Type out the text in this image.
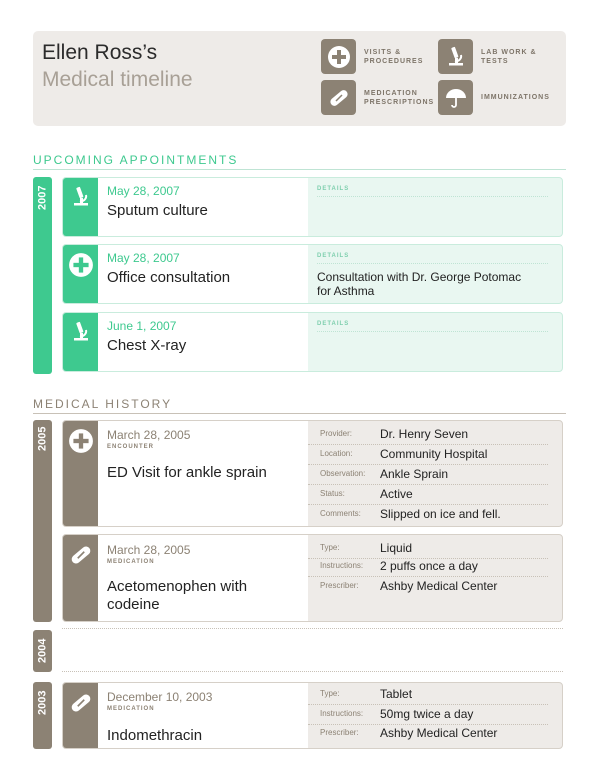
Ellen Ross’s
Medical timeline
VISITS & PROCEDURES
LAB WORK & TESTS
MEDICATION PRESCRIPTIONS
IMMUNIZATIONS
UPCOMING APPOINTMENTS
2007	May 28, 2007
Sputum culture
DETAILS
May 28, 2007
Office consultation
DETAILS
Consultation with Dr. George Potomac for Asthma
June 1, 2007
Chest X-ray
DETAILS
MEDICAL HISTORY
2005	March 28, 2005
ENCOUNTER
ED Visit for ankle sprain
Provider: Dr. Henry Seven
Location: Community Hospital
Observation: Ankle Sprain
Status:	Active
Comments: Slipped on ice and fell.
March 28, 2005
MEDICATION
Acetomenophen with codeine
Type:	Liquid
Instructions: 2 puffs once a day
Prescriber: Ashby Medical Center
2004
2003	December 10, 2003
MEDICATION
Indomethracin
Type:	Tablet
Instructions: 50mg twice a day
Prescriber: Ashby Medical Center
